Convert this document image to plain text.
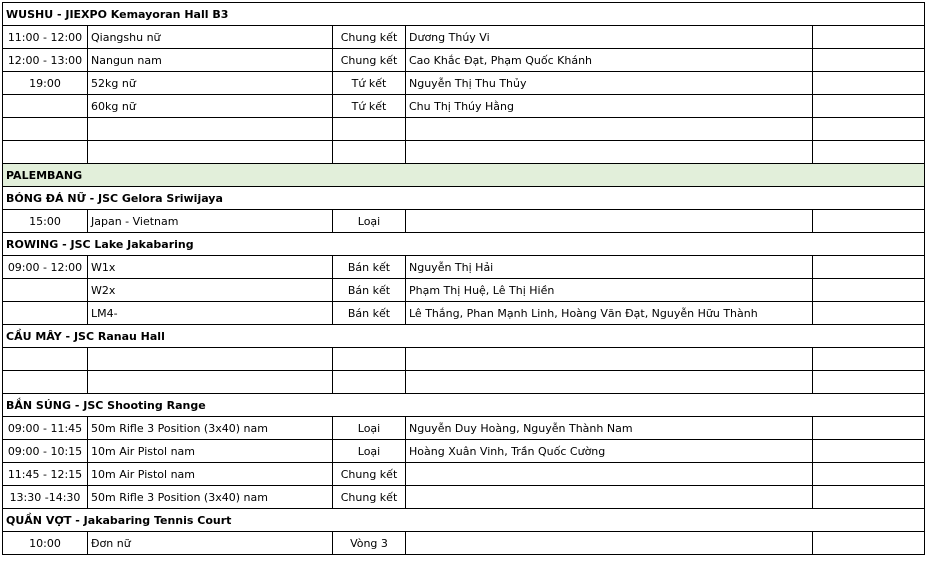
WUSHU - JIEXPO Kemayoran Hall B3				
11:00 - 12:00	Qiangshu nữ	Chung kết	Dương Thúy Vi	
12:00 - 13:00	Nangun nam	Chung kết	Cao Khắc Đạt, Phạm Quốc Khánh	
19:00	52kg nữ	Tứ kết	Nguyễn Thị Thu Thủy	
	60kg nữ	Tứ kết	Chu Thị Thúy Hằng	

PALEMBANG				
BÓNG ĐÁ NỮ - JSC Gelora Sriwijaya				
15:00	Japan - Vietnam	Loại		
ROWING - JSC Lake Jakabaring				
09:00 - 12:00	W1x	Bán kết	Nguyễn Thị Hải	
	W2x	Bán kết	Phạm Thị Huệ, Lê Thị Hiền	
	LM4-	Bán kết	Lê Thắng, Phan Mạnh Linh, Hoàng Văn Đạt, Nguyễn Hữu Thành	
CẦU MÂY - JSC Ranau Hall				

BẮN SÚNG - JSC Shooting Range				
09:00 - 11:45	50m Rifle 3 Position (3x40) nam	Loại	Nguyễn Duy Hoàng, Nguyễn Thành Nam	
09:00 - 10:15	10m Air Pistol nam	Loại	Hoàng Xuân Vinh, Trần Quốc Cường	
11:45 - 12:15	10m Air Pistol nam	Chung kết		
13:30 -14:30	50m Rifle 3 Position (3x40) nam	Chung kết		
QUẦN VỢT - Jakabaring Tennis Court				
10:00	Đơn nữ	Vòng 3		
